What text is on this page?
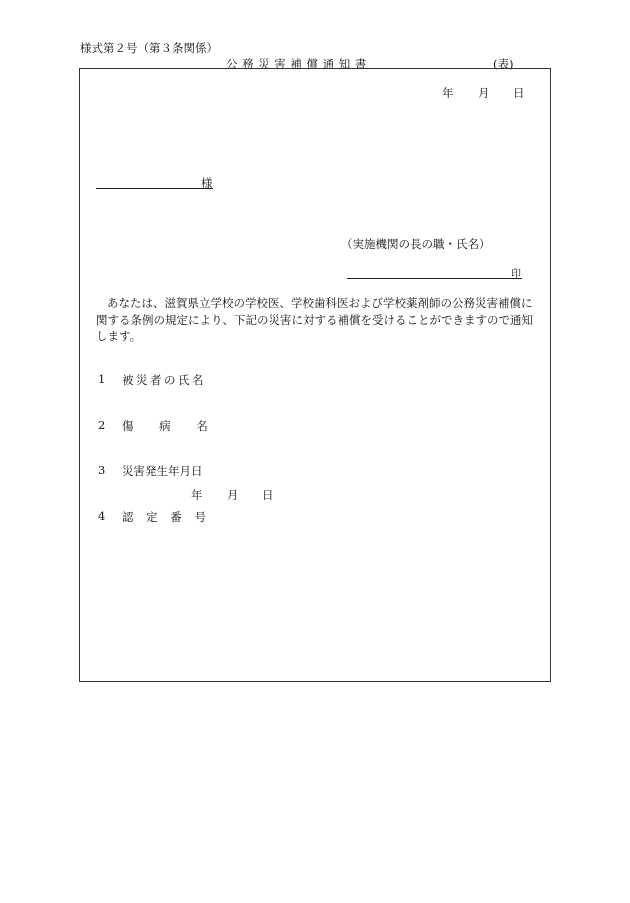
様式第２号（第３条関係）
公務災害補償通知書	(表)
年 月 日
様
（実施機関の長の職・氏名）
印
あなたは、滋賀県立学校の学校医、学校歯科医および学校薬剤師の公務災害補償に関する条例の規定により、下記の災害に対する補償を受けることができますので通知します。
1 被災者の氏名
2 傷 病 名
3 災害発生年月日
年 月 日
4 認 定 番 号
